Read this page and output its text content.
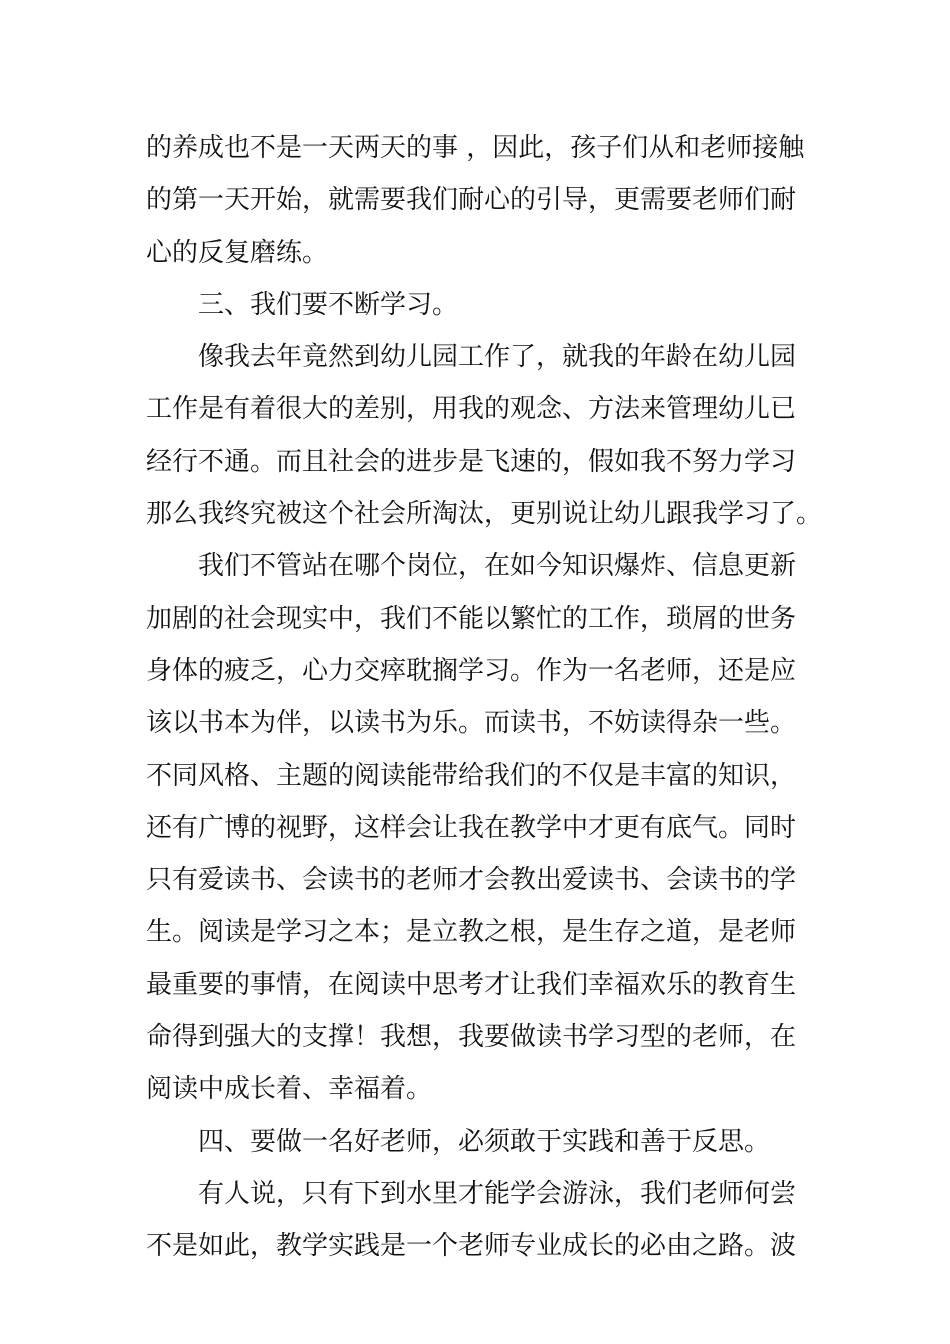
的养成也不是一天两天的事 ，因此，孩子们从和老师接触
的第一天开始，就需要我们耐心的引导，更需要老师们耐
心的反复磨练。
三、我们要不断学习。
像我去年竟然到幼儿园工作了，就我的年龄在幼儿园
工作是有着很大的差别，用我的观念、方法来管理幼儿已
经行不通。而且社会的进步是飞速的，假如我不努力学习
那么我终究被这个社会所淘汰，更别说让幼儿跟我学习了。
我们不管站在哪个岗位，在如今知识爆炸、信息更新
加剧的社会现实中，我们不能以繁忙的工作，琐屑的世务
身体的疲乏，心力交瘁耽搁学习。作为一名老师，还是应
该以书本为伴，以读书为乐。而读书，不妨读得杂一些。
不同风格、主题的阅读能带给我们的不仅是丰富的知识，
还有广博的视野，这样会让我在教学中才更有底气。同时
只有爱读书、会读书的老师才会教出爱读书、会读书的学
生。阅读是学习之本；是立教之根，是生存之道，是老师
最重要的事情，在阅读中思考才让我们幸福欢乐的教育生
命得到强大的支撑！我想，我要做读书学习型的老师，在
阅读中成长着、幸福着。
四、要做一名好老师，必须敢于实践和善于反思。
有人说，只有下到水里才能学会游泳，我们老师何尝
不是如此，教学实践是一个老师专业成长的必由之路。波
